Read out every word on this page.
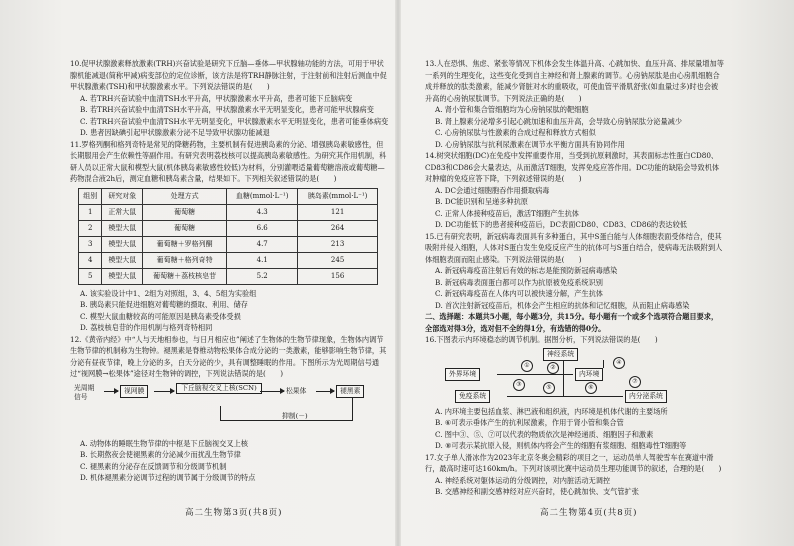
10.促甲状腺激素释放激素(TRH)兴奋试验是研究下丘脑—垂体—甲状腺轴功能的方法，可用于甲状腺机能减退(简称甲减)病变部位的定位诊断，该方法是将TRH静脉注射，于注射前和注射后测血中促甲状腺激素(TSH)和甲状腺激素水平。下列说法错误的是(　　)

A. 若TRH兴奋试验中血清TSH水平升高，甲状腺激素水平升高，患者可能下丘脑病变

B. 若TRH兴奋试验中血清TSH水平升高，甲状腺激素水平无明显变化，患者可能甲状腺病变

C. 若TRH兴奋试验中血清TSH水平无明显变化，甲状腺激素水平无明显变化，患者可能垂体病变

D. 患者因缺碘引起甲状腺激素分泌不足导致甲状腺功能减退

11.罗格列酮和格列奇特是常见的降糖药物，主要机制有促进胰岛素的分泌、增强胰岛素敏感性，但长期服用会产生依赖性等副作用。有研究表明荔枝核可以提高胰岛素敏感性。为研究其作用机制，科研人员以正常大鼠和模型大鼠(机体胰岛素敏感性较低)为材料，分别灌喂适量葡萄糖溶液或葡萄糖—药物混合液2h后，测定血糖和胰岛素含量，结果如下。下列相关叙述错误的是(　　)

组别	研究对象	处理方式	血糖(mmol·L⁻¹)	胰岛素(mmol·L⁻¹)
1	正常大鼠	葡萄糖	4.3	121
2	模型大鼠	葡萄糖	6.6	264
3	模型大鼠	葡萄糖＋罗格列酮	4.7	213
4	模型大鼠	葡萄糖＋格列奇特	4.1	245
5	模型大鼠	葡萄糖＋荔枝核皂苷	5.2	156

A. 该实验设计中1、2组为对照组，3、4、5组为实验组

B. 胰岛素只能促进细胞对葡萄糖的摄取、利用、储存

C. 模型大鼠血糖较高的可能原因是胰岛素受体受损

D. 荔枝核皂苷的作用机制与格列奇特相同

12.《黄帝内经》中“人与天地相参也，与日月相应也”阐述了生物体的生物节律现象，生物体内调节生物节律的机制称为生物钟。褪黑素是脊椎动物松果体合成分泌的一类激素，能够影响生物节律，其分泌有昼夜节律，晚上分泌的多，白天分泌的少，具有调整睡眠的作用。下图所示为光周期信号通过“视网膜→松果体”途径对生物钟的调控，下列说法错误的是(　　)

光周期
信号
视网膜	下丘脑视交叉上核(SCN)	松果体	褪黑素
抑制(－)

A. 动物体的睡眠生物节律的中枢是下丘脑视交叉上核

B. 长期熬夜会使褪黑素的分泌减少而扰乱生物节律

C. 褪黑素的分泌存在反馈调节和分级调节机制

D. 机体褪黑素分泌调节过程的调节属于分级调节的特点

高二生物第3页(共8页)

13.人在恐惧、焦虑、紧张等情况下机体会发生体温升高、心跳加快、血压升高、排尿量增加等一系列的生理变化，这些变化受到自主神经和肾上腺素的调节。心房钠尿肽是由心房肌细胞合成并释放的肽类激素，能减少肾脏对水的重吸收，可使血管平滑肌舒张(如血量过多)时也会被升高的心房钠尿肽调节。下列说法正确的是(　　)

A. 肾小管和集合管细胞均为心房钠尿肽的靶细胞

B. 肾上腺素分泌增多引起心跳加速和血压升高，会导致心房钠尿肽分泌量减少

C. 心房钠尿肽与性激素的合成过程和释放方式相似

D. 心房钠尿肽与抗利尿激素在调节水平衡方面具有协同作用

14.树突状细胞(DC)在免疫中发挥重要作用，当受到抗原刺激时，其表面标志性蛋白CD80、CD83和CD86会大量表达，从而激活T细胞，发挥免疫应答作用。DC功能的缺陷会导致机体对肿瘤的免疫应答下降，下列叙述错误的是(　　)

A. DC会通过细胞胞吞作用摄取病毒

B. DC能识别和呈递多种抗原

C. 正常人体接种疫苗后，激活T细胞产生抗体

D. DC功能低下的患者接种疫苗后，DC表面CD80、CD83、CD86的表达较低

15.已有研究表明，新冠病毒表面具有多种蛋白，其中S蛋白能与人体细胞表面受体结合，使其吸附并侵入细胞，人体对S蛋白发生免疫反应产生的抗体可与S蛋白结合，使病毒无法吸附到人体细胞表面而阻止感染。下列说法错误的是(　　)

A. 新冠病毒疫苗注射后有效的标志是能预防新冠病毒感染

B. 新冠病毒表面蛋白都可以作为抗原被免疫系统识别

C. 新冠病毒疫苗在人体内可以被快速分解，产生抗体

D. 首次注射新冠疫苗后，机体会产生相应的抗体和记忆细胞，从而阻止病毒感染

二、选择题：本题共5小题，每小题3分，共15分。每小题有一个或多个选项符合题目要求，全部选对得3分，选对但不全的得1分，有选错的得0分。

16.下图表示内环境稳态的调节机制。据图分析，下列说法错误的是(　　)

神经系统
外界环境	内环境
免疫系统	内分泌系统
①	②
③
④
⑤	⑥
⑦

A. 内环境主要包括血浆、淋巴液和组织液，内环境是机体代谢的主要场所

B. ⑥可表示垂体产生的抗利尿激素，作用于肾小管和集合管

C. 图中③、⑤、⑦可以代表的物质依次是神经递质、细胞因子和激素

D. ⑧可表示某抗原入侵，则机体内将会产生的细胞有浆细胞、细胞毒性T细胞等

17.女子单人滑冰作为2023年北京冬奥会精彩的项目之一，运动员单人驾驶雪车在赛道中滑行，最高时速可达160km/h。下列对该项比赛中运动员生理功能调节的叙述，合理的是(　　)

A. 神经系统对躯体运动的分级调控，对内脏活动无调控

B. 交感神经和副交感神经对应兴奋时，使心跳加快、支气管扩张

高二生物第4页(共8页)
